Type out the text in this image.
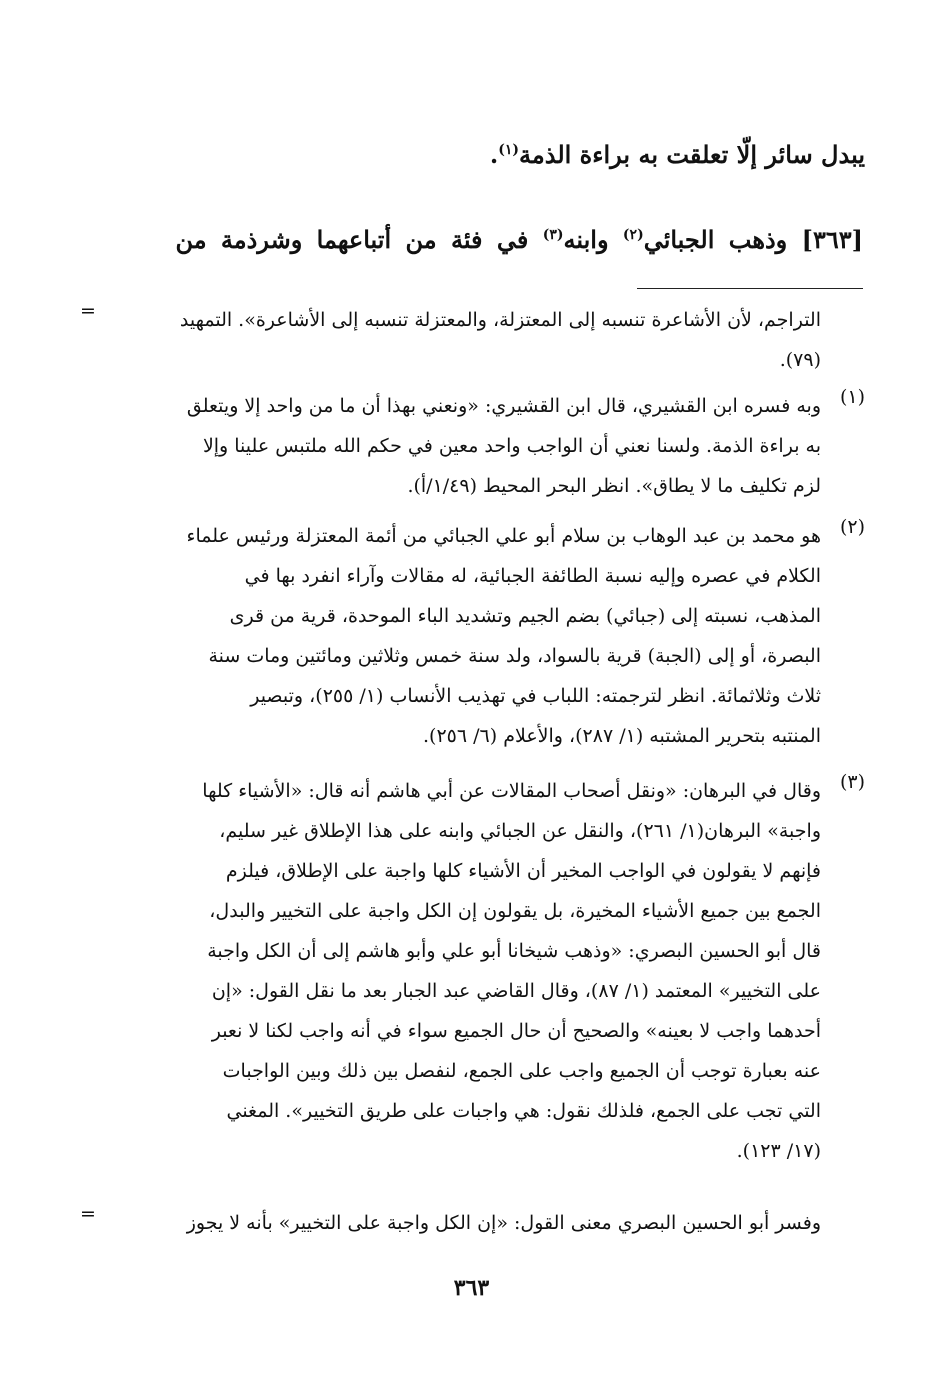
يبدل سائر إلّا تعلقت به براءة الذمة$^{(١)}$.
[٣٦٣] وذهب الجبائي$^{(٢)}$ وابنه$^{(٣)}$ في فئة من أتباعهما وشرذمة من
=	التراجم، لأن الأشاعرة تنسبه إلى المعتزلة، والمعتزلة تنسبه إلى الأشاعرة». التمهيد

(٧٩).

(١)

وبه فسره ابن القشيري، قال ابن القشيري: «ونعني بهذا أن ما من واحد إلا ويتعلق

به براءة الذمة. ولسنا نعني أن الواجب واحد معين في حكم الله ملتبس علينا وإلا

لزم تكليف ما لا يطاق». انظر البحر المحيط (١/٤٩/أ).

(٢)

هو محمد بن عبد الوهاب بن سلام أبو علي الجبائي من أئمة المعتزلة ورئيس علماء

الكلام في عصره وإليه نسبة الطائفة الجبائية، له مقالات وآراء انفرد بها في

المذهب، نسبته إلى (جبائي) بضم الجيم وتشديد الباء الموحدة، قرية من قرى

البصرة، أو إلى (الجبة) قرية بالسواد، ولد سنة خمس وثلاثين ومائتين ومات سنة

ثلاث وثلاثمائة. انظر لترجمته: اللباب في تهذيب الأنساب (١/ ٢٥٥)، وتبصير

المنتبه بتحرير المشتبه (١/ ٢٨٧)، والأعلام (٦/ ٢٥٦).

(٣)

وقال في البرهان: «ونقل أصحاب المقالات عن أبي هاشم أنه قال: «الأشياء كلها

واجبة» البرهان(١/ ٢٦١)، والنقل عن الجبائي وابنه على هذا الإطلاق غير سليم،

فإنهم لا يقولون في الواجب المخير أن الأشياء كلها واجبة على الإطلاق، فيلزم

الجمع بين جميع الأشياء المخيرة، بل يقولون إن الكل واجبة على التخيير والبدل،

قال أبو الحسين البصري: «وذهب شيخانا أبو علي وأبو هاشم إلى أن الكل واجبة

على التخيير» المعتمد (١/ ٨٧)، وقال القاضي عبد الجبار بعد ما نقل القول: «إن

أحدهما واجب لا بعينه» والصحيح أن حال الجميع سواء في أنه واجب لكنا لا نعبر

عنه بعبارة توجب أن الجميع واجب على الجمع، لنفصل بين ذلك وبين الواجبات

التي تجب على الجمع، فلذلك نقول: هي واجبات على طريق التخيير». المغني

(١٧/ ١٢٣).

=	وفسر أبو الحسين البصري معنى القول: «إن الكل واجبة على التخيير» بأنه لا يجوز

٣٦٣
